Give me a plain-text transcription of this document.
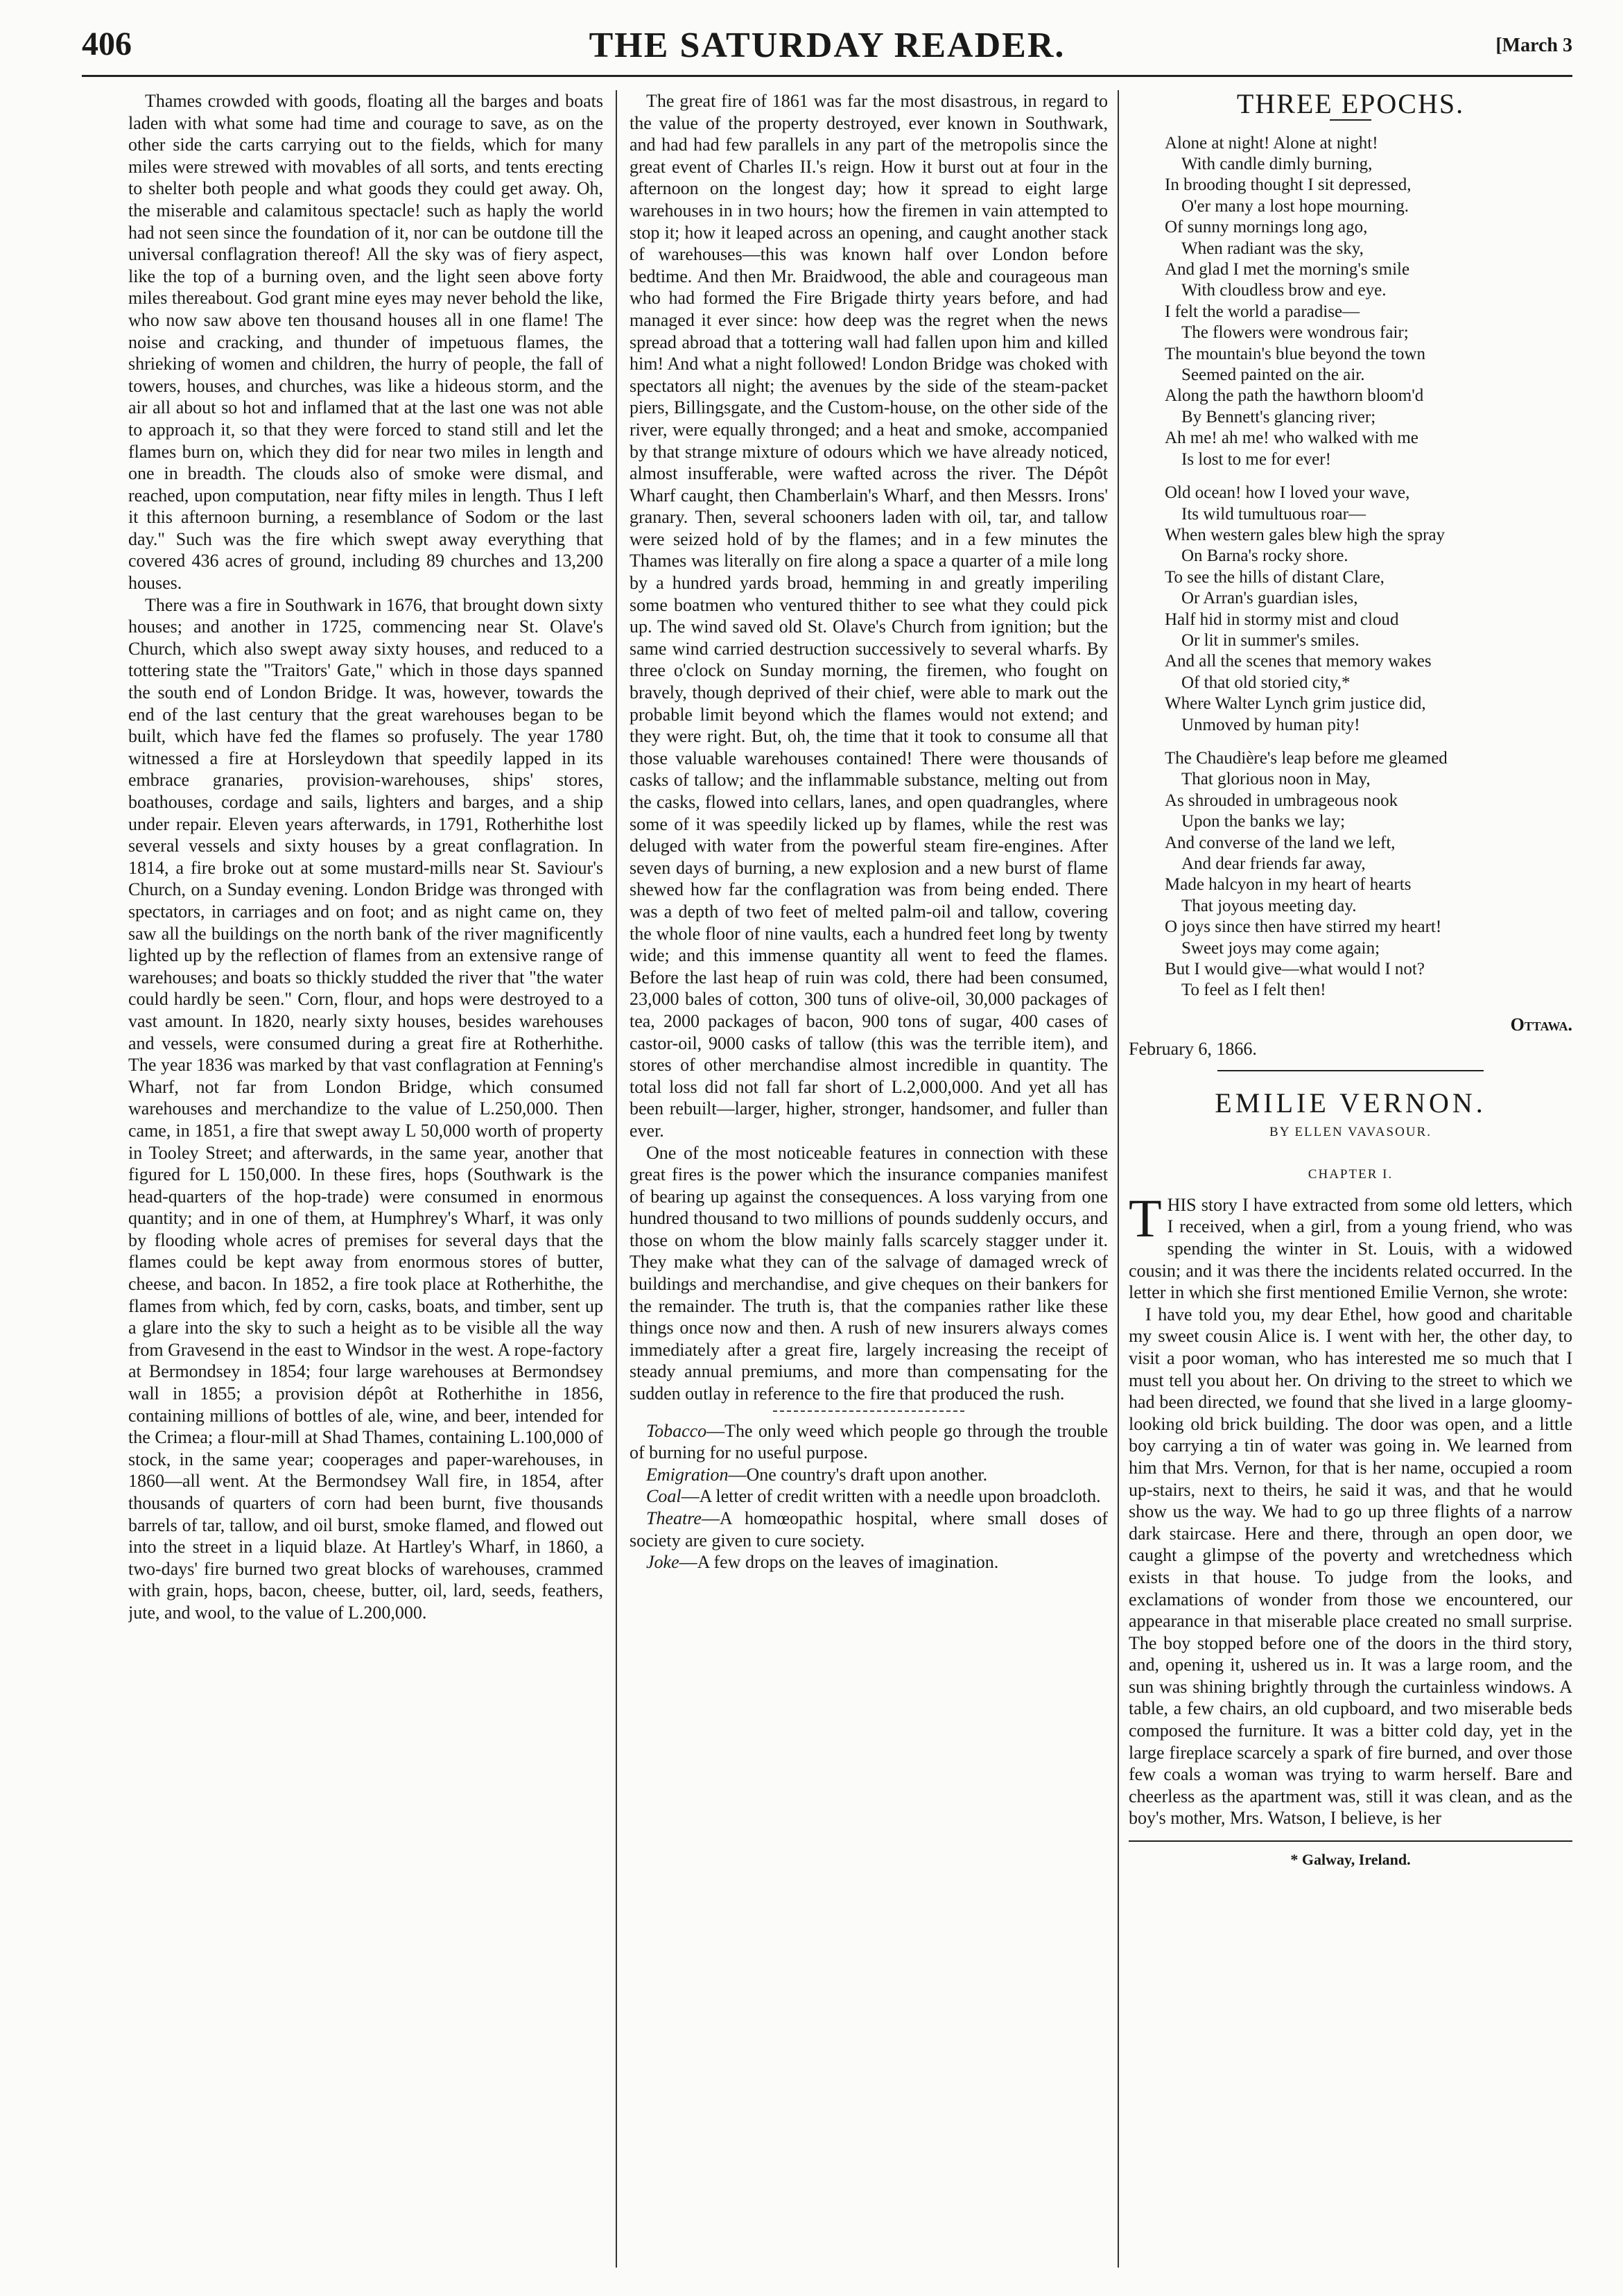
406	THE SATURDAY READER.	[March 3

Thames crowded with goods, floating all the barges and boats laden with what some had time and courage to save, as on the other side the carts carrying out to the fields, which for many miles were strewed with movables of all sorts, and tents erecting to shelter both people and what goods they could get away. Oh, the miserable and calamitous spectacle! such as haply the world had not seen since the foundation of it, nor can be outdone till the universal conflagration thereof! All the sky was of fiery aspect, like the top of a burning oven, and the light seen above forty miles thereabout. God grant mine eyes may never behold the like, who now saw above ten thousand houses all in one flame! The noise and cracking, and thunder of impetuous flames, the shrieking of women and children, the hurry of people, the fall of towers, houses, and churches, was like a hideous storm, and the air all about so hot and inflamed that at the last one was not able to approach it, so that they were forced to stand still and let the flames burn on, which they did for near two miles in length and one in breadth. The clouds also of smoke were dismal, and reached, upon computation, near fifty miles in length. Thus I left it this afternoon burning, a resemblance of Sodom or the last day." Such was the fire which swept away everything that covered 436 acres of ground, including 89 churches and 13,200 houses.

There was a fire in Southwark in 1676, that brought down sixty houses; and another in 1725, commencing near St. Olave's Church, which also swept away sixty houses, and reduced to a tottering state the "Traitors' Gate," which in those days spanned the south end of London Bridge. It was, however, towards the end of the last century that the great warehouses began to be built, which have fed the flames so profusely. The year 1780 witnessed a fire at Horsleydown that speedily lapped in its embrace granaries, provision-warehouses, ships' stores, boathouses, cordage and sails, lighters and barges, and a ship under repair. Eleven years afterwards, in 1791, Rotherhithe lost several vessels and sixty houses by a great conflagration. In 1814, a fire broke out at some mustard-mills near St. Saviour's Church, on a Sunday evening. London Bridge was thronged with spectators, in carriages and on foot; and as night came on, they saw all the buildings on the north bank of the river magnificently lighted up by the reflection of flames from an extensive range of warehouses; and boats so thickly studded the river that "the water could hardly be seen." Corn, flour, and hops were destroyed to a vast amount. In 1820, nearly sixty houses, besides warehouses and vessels, were consumed during a great fire at Rotherhithe. The year 1836 was marked by that vast conflagration at Fenning's Wharf, not far from London Bridge, which consumed warehouses and merchandize to the value of L.250,000. Then came, in 1851, a fire that swept away L 50,000 worth of property in Tooley Street; and afterwards, in the same year, another that figured for L 150,000. In these fires, hops (Southwark is the head-quarters of the hop-trade) were consumed in enormous quantity; and in one of them, at Humphrey's Wharf, it was only by flooding whole acres of premises for several days that the flames could be kept away from enormous stores of butter, cheese, and bacon. In 1852, a fire took place at Rotherhithe, the flames from which, fed by corn, casks, boats, and timber, sent up a glare into the sky to such a height as to be visible all the way from Gravesend in the east to Windsor in the west. A rope-factory at Bermondsey in 1854; four large warehouses at Bermondsey wall in 1855; a provision dépôt at Rotherhithe in 1856, containing millions of bottles of ale, wine, and beer, intended for the Crimea; a flour-mill at Shad Thames, containing L.100,000 of stock, in the same year; cooperages and paper-warehouses, in 1860—all went. At the Bermondsey Wall fire, in 1854, after thousands of quarters of corn had been burnt, five thousands barrels of tar, tallow, and oil burst, smoke flamed, and flowed out into the street in a liquid blaze. At Hartley's Wharf, in 1860, a two-days' fire burned two great blocks of warehouses, crammed with grain, hops, bacon, cheese, butter, oil, lard, seeds, feathers, jute, and wool, to the value of L.200,000.

The great fire of 1861 was far the most disastrous, in regard to the value of the property destroyed, ever known in Southwark, and had had few parallels in any part of the metropolis since the great event of Charles II.'s reign. How it burst out at four in the afternoon on the longest day; how it spread to eight large warehouses in in two hours; how the firemen in vain attempted to stop it; how it leaped across an opening, and caught another stack of warehouses—this was known half over London before bedtime. And then Mr. Braidwood, the able and courageous man who had formed the Fire Brigade thirty years before, and had managed it ever since: how deep was the regret when the news spread abroad that a tottering wall had fallen upon him and killed him! And what a night followed! London Bridge was choked with spectators all night; the avenues by the side of the steam-packet piers, Billingsgate, and the Custom-house, on the other side of the river, were equally thronged; and a heat and smoke, accompanied by that strange mixture of odours which we have already noticed, almost insufferable, were wafted across the river. The Dépôt Wharf caught, then Chamberlain's Wharf, and then Messrs. Irons' granary. Then, several schooners laden with oil, tar, and tallow were seized hold of by the flames; and in a few minutes the Thames was literally on fire along a space a quarter of a mile long by a hundred yards broad, hemming in and greatly imperiling some boatmen who ventured thither to see what they could pick up. The wind saved old St. Olave's Church from ignition; but the same wind carried destruction successively to several wharfs. By three o'clock on Sunday morning, the firemen, who fought on bravely, though deprived of their chief, were able to mark out the probable limit beyond which the flames would not extend; and they were right. But, oh, the time that it took to consume all that those valuable warehouses contained! There were thousands of casks of tallow; and the inflammable substance, melting out from the casks, flowed into cellars, lanes, and open quadrangles, where some of it was speedily licked up by flames, while the rest was deluged with water from the powerful steam fire-engines. After seven days of burning, a new explosion and a new burst of flame shewed how far the conflagration was from being ended. There was a depth of two feet of melted palm-oil and tallow, covering the whole floor of nine vaults, each a hundred feet long by twenty wide; and this immense quantity all went to feed the flames. Before the last heap of ruin was cold, there had been consumed, 23,000 bales of cotton, 300 tuns of olive-oil, 30,000 packages of tea, 2000 packages of bacon, 900 tons of sugar, 400 cases of castor-oil, 9000 casks of tallow (this was the terrible item), and stores of other merchandise almost incredible in quantity. The total loss did not fall far short of L.2,000,000. And yet all has been rebuilt—larger, higher, stronger, handsomer, and fuller than ever.

One of the most noticeable features in connection with these great fires is the power which the insurance companies manifest of bearing up against the consequences. A loss varying from one hundred thousand to two millions of pounds suddenly occurs, and those on whom the blow mainly falls scarcely stagger under it. They make what they can of the salvage of damaged wreck of buildings and merchandise, and give cheques on their bankers for the remainder. The truth is, that the companies rather like these things once now and then. A rush of new insurers always comes immediately after a great fire, largely increasing the receipt of steady annual premiums, and more than compensating for the sudden outlay in reference to the fire that produced the rush.

Tobacco—The only weed which people go through the trouble of burning for no useful purpose.

Emigration—One country's draft upon another.

Coal—A letter of credit written with a needle upon broadcloth.

Theatre—A homœopathic hospital, where small doses of society are given to cure society.

Joke—A few drops on the leaves of imagination.

THREE EPOCHS.
Alone at night! Alone at night!
With candle dimly burning,
In brooding thought I sit depressed,
O'er many a lost hope mourning.
Of sunny mornings long ago,
When radiant was the sky,
And glad I met the morning's smile
With cloudless brow and eye.
I felt the world a paradise—
The flowers were wondrous fair;
The mountain's blue beyond the town
Seemed painted on the air.
Along the path the hawthorn bloom'd
By Bennett's glancing river;
Ah me! ah me! who walked with me
Is lost to me for ever!
Old ocean! how I loved your wave,
Its wild tumultuous roar—
When western gales blew high the spray
On Barna's rocky shore.
To see the hills of distant Clare,
Or Arran's guardian isles,
Half hid in stormy mist and cloud
Or lit in summer's smiles.
And all the scenes that memory wakes
Of that old storied city,*
Where Walter Lynch grim justice did,
Unmoved by human pity!
The Chaudière's leap before me gleamed
That glorious noon in May,
As shrouded in umbrageous nook
Upon the banks we lay;
And converse of the land we left,
And dear friends far away,
Made halcyon in my heart of hearts
That joyous meeting day.
O joys since then have stirred my heart!
Sweet joys may come again;
But I would give—what would I not?
To feel as I felt then!
Ottawa.
February 6, 1866.
EMILIE VERNON.
BY ELLEN VAVASOUR.
CHAPTER I.

THIS story I have extracted from some old letters, which I received, when a girl, from a young friend, who was spending the winter in St. Louis, with a widowed cousin; and it was there the incidents related occurred. In the letter in which she first mentioned Emilie Vernon, she wrote:

I have told you, my dear Ethel, how good and charitable my sweet cousin Alice is. I went with her, the other day, to visit a poor woman, who has interested me so much that I must tell you about her. On driving to the street to which we had been directed, we found that she lived in a large gloomy-looking old brick building. The door was open, and a little boy carrying a tin of water was going in. We learned from him that Mrs. Vernon, for that is her name, occupied a room up-stairs, next to theirs, he said it was, and that he would show us the way. We had to go up three flights of a narrow dark staircase. Here and there, through an open door, we caught a glimpse of the poverty and wretchedness which exists in that house. To judge from the looks, and exclamations of wonder from those we encountered, our appearance in that miserable place created no small surprise. The boy stopped before one of the doors in the third story, and, opening it, ushered us in. It was a large room, and the sun was shining brightly through the curtainless windows. A table, a few chairs, an old cupboard, and two miserable beds composed the furniture. It was a bitter cold day, yet in the large fireplace scarcely a spark of fire burned, and over those few coals a woman was trying to warm herself. Bare and cheerless as the apartment was, still it was clean, and as the boy's mother, Mrs. Watson, I believe, is her

* Galway, Ireland.
